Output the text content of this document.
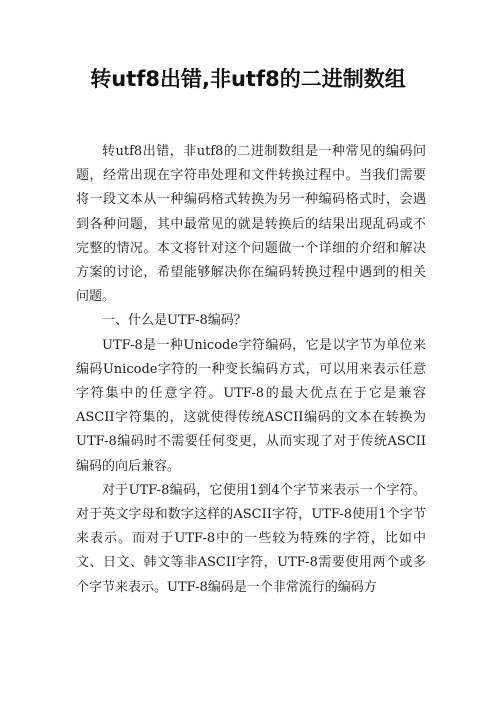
转utf8出错,非utf8的二进制数组

转utf8出错，非utf8的二进制数组是一种常见的编码问题，经常出现在字符串处理和文件转换过程中。当我们需要将一段文本从一种编码格式转换为另一种编码格式时，会遇到各种问题，其中最常见的就是转换后的结果出现乱码或不完整的情况。本文将针对这个问题做一个详细的介绍和解决方案的讨论，希望能够解决你在编码转换过程中遇到的相关问题。

一、什么是UTF-8编码？

UTF-8是一种Unicode字符编码，它是以字节为单位来编码Unicode字符的一种变长编码方式，可以用来表示任意字符集中的任意字符。UTF-8的最大优点在于它是兼容ASCII字符集的，这就使得传统ASCII编码的文本在转换为UTF-8编码时不需要任何变更，从而实现了对于传统ASCII编码的向后兼容。

对于UTF-8编码，它使用1到4个字节来表示一个字符。对于英文字母和数字这样的ASCII字符，UTF-8使用1个字节来表示。而对于UTF-8中的一些较为特殊的字符，比如中文、日文、韩文等非ASCII字符，UTF-8需要使用两个或多个字节来表示。UTF-8编码是一个非常流行的编码方
